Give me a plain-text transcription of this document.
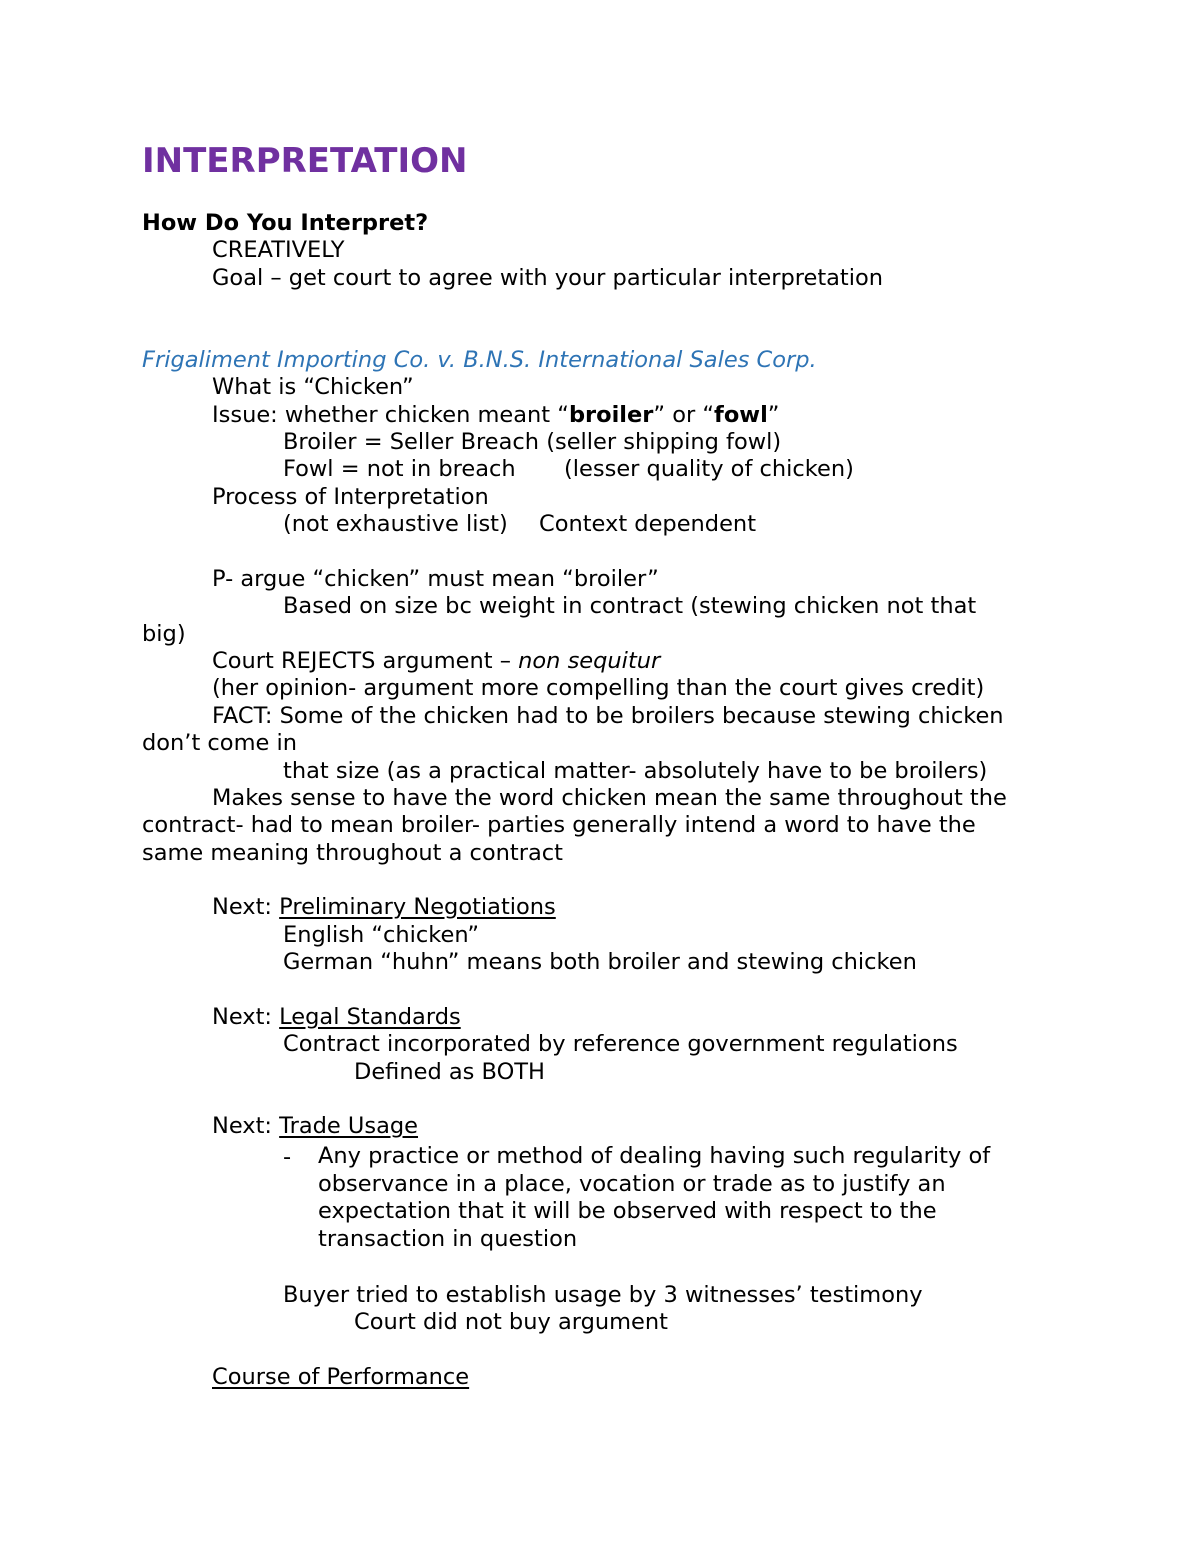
INTERPRETATION
How Do You Interpret?
CREATIVELY
Goal – get court to agree with your particular interpretation
Frigaliment Importing Co. v. B.N.S. International Sales Corp.
What is “Chicken”
Issue: whether chicken meant “broiler” or “fowl”
Broiler = Seller Breach (seller shipping fowl)
Fowl = not in breach (lesser quality of chicken)
Process of Interpretation
(not exhaustive list) Context dependent
P- argue “chicken” must mean “broiler”
Based on size bc weight in contract (stewing chicken not that
big)
Court REJECTS argument – non sequitur
(her opinion- argument more compelling than the court gives credit)
FACT: Some of the chicken had to be broilers because stewing chicken
don’t come in
that size (as a practical matter- absolutely have to be broilers)
Makes sense to have the word chicken mean the same throughout the
contract- had to mean broiler- parties generally intend a word to have the
same meaning throughout a contract
Next: Preliminary Negotiations
English “chicken”
German “huhn” means both broiler and stewing chicken
Next: Legal Standards
Contract incorporated by reference government regulations
Defined as BOTH
Next: Trade Usage
- Any practice or method of dealing having such regularity of observance in a place, vocation or trade as to justify an expectation that it will be observed with respect to the transaction in question
Buyer tried to establish usage by 3 witnesses’ testimony
Court did not buy argument
Course of Performance
